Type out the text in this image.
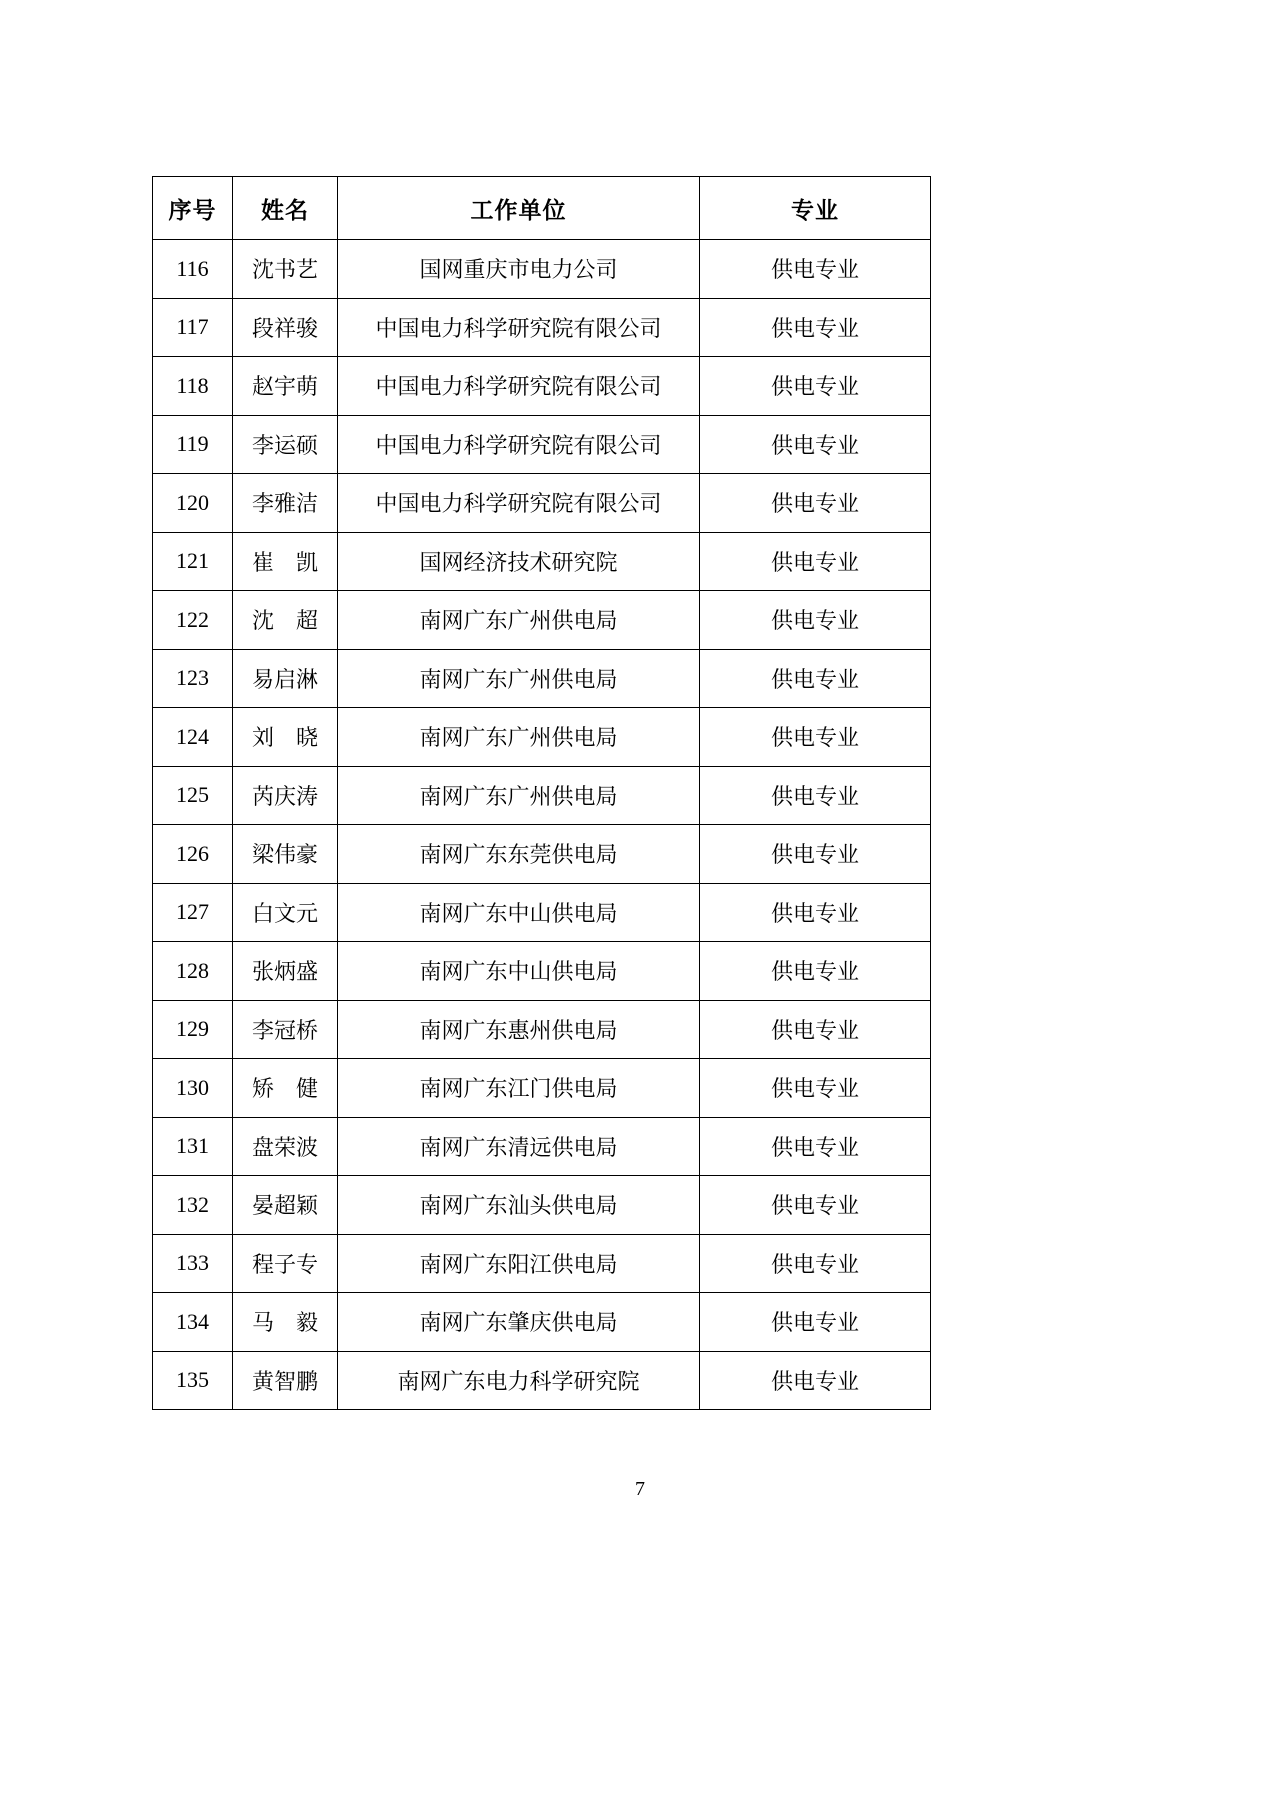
序号	姓名	工作单位	专业
116	沈书艺	国网重庆市电力公司	供电专业
117	段祥骏	中国电力科学研究院有限公司	供电专业
118	赵宇萌	中国电力科学研究院有限公司	供电专业
119	李运硕	中国电力科学研究院有限公司	供电专业
120	李雅洁	中国电力科学研究院有限公司	供电专业
121	崔　凯	国网经济技术研究院	供电专业
122	沈　超	南网广东广州供电局	供电专业
123	易启淋	南网广东广州供电局	供电专业
124	刘　晓	南网广东广州供电局	供电专业
125	芮庆涛	南网广东广州供电局	供电专业
126	梁伟豪	南网广东东莞供电局	供电专业
127	白文元	南网广东中山供电局	供电专业
128	张炳盛	南网广东中山供电局	供电专业
129	李冠桥	南网广东惠州供电局	供电专业
130	矫　健	南网广东江门供电局	供电专业
131	盘荣波	南网广东清远供电局	供电专业
132	晏超颖	南网广东汕头供电局	供电专业
133	程子专	南网广东阳江供电局	供电专业
134	马　毅	南网广东肇庆供电局	供电专业
135	黄智鹏	南网广东电力科学研究院	供电专业
7
